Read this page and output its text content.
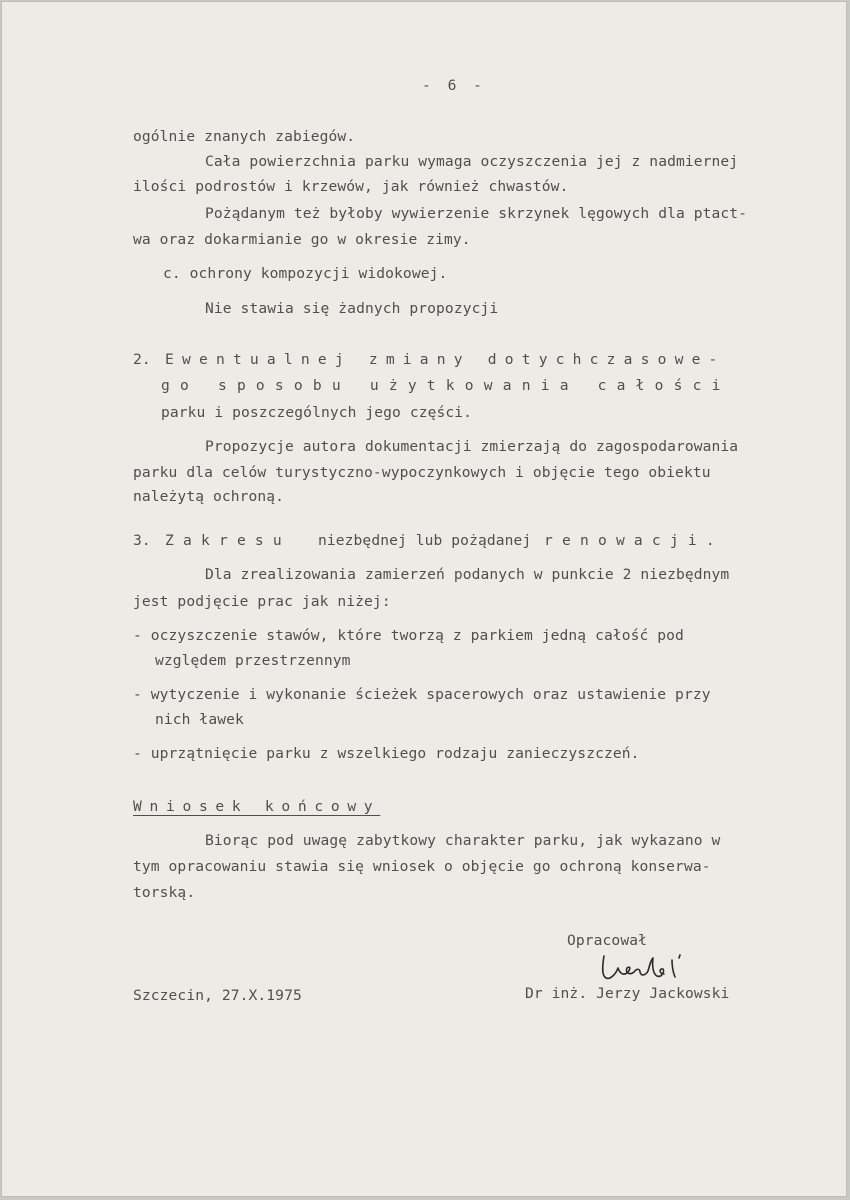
- 6 -
ogólnie znanych zabiegów.
Cała powierzchnia parku wymaga oczyszczenia jej z nadmiernej
ilości podrostów i krzewów, jak również chwastów.
Pożądanym też byłoby wywierzenie skrzynek lęgowych dla ptact-
wa oraz dokarmianie go w okresie zimy.
c. ochrony kompozycji widokowej.
Nie stawia się żadnych propozycji
2. Ewentualnej zmiany dotychczasowe-
go sposobu użytkowania całości
parku i poszczególnych jego części.
Propozycje autora dokumentacji zmierzają do zagospodarowania
parku dla celów turystyczno-wypoczynkowych i objęcie tego obiektu
należytą ochroną.
3. Zakresu niezbędnej lub pożądanej renowacji.
Dla zrealizowania zamierzeń podanych w punkcie 2 niezbędnym
jest podjęcie prac jak niżej:
- oczyszczenie stawów, które tworzą z parkiem jedną całość pod
względem przestrzennym
- wytyczenie i wykonanie ścieżek spacerowych oraz ustawienie przy
nich ławek
- uprzątnięcie parku z wszelkiego rodzaju zanieczyszczeń.
Wniosek końcowy
Biorąc pod uwagę zabytkowy charakter parku, jak wykazano w
tym opracowaniu stawia się wniosek o objęcie go ochroną konserwa-
torską.
Opracował
Szczecin, 27.X.1975	Dr inż. Jerzy Jackowski
